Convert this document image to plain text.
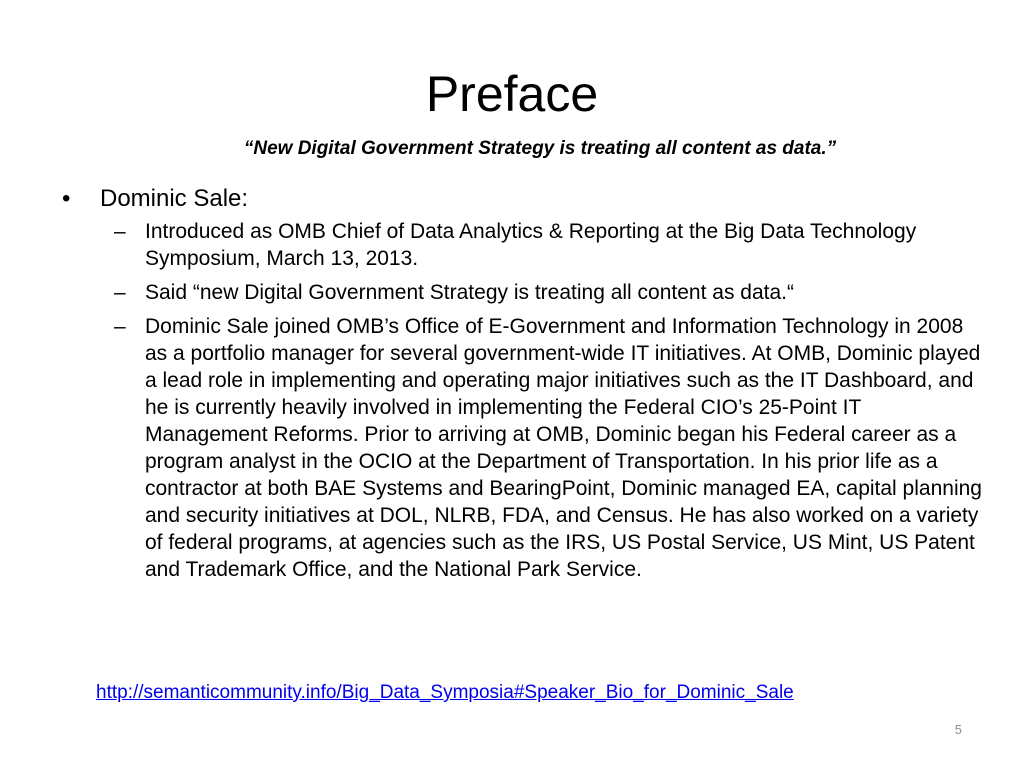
Preface
“New Digital Government Strategy is treating all content as data.”
•	Dominic Sale:
– Introduced as OMB Chief of Data Analytics & Reporting at the Big Data Technology Symposium, March 13, 2013.
– Said “new Digital Government Strategy is treating all content as data.“
– Dominic Sale joined OMB’s Office of E-Government and Information Technology in 2008 as a portfolio manager for several government-wide IT initiatives. At OMB, Dominic played a lead role in implementing and operating major initiatives such as the IT Dashboard, and he is currently heavily involved in implementing the Federal CIO’s 25-Point IT Management Reforms. Prior to arriving at OMB, Dominic began his Federal career as a program analyst in the OCIO at the Department of Transportation. In his prior life as a contractor at both BAE Systems and BearingPoint, Dominic managed EA, capital planning and security initiatives at DOL, NLRB, FDA, and Census. He has also worked on a variety of federal programs, at agencies such as the IRS, US Postal Service, US Mint, US Patent and Trademark Office, and the National Park Service.
http://semanticommunity.info/Big_Data_Symposia#Speaker_Bio_for_Dominic_Sale
5
